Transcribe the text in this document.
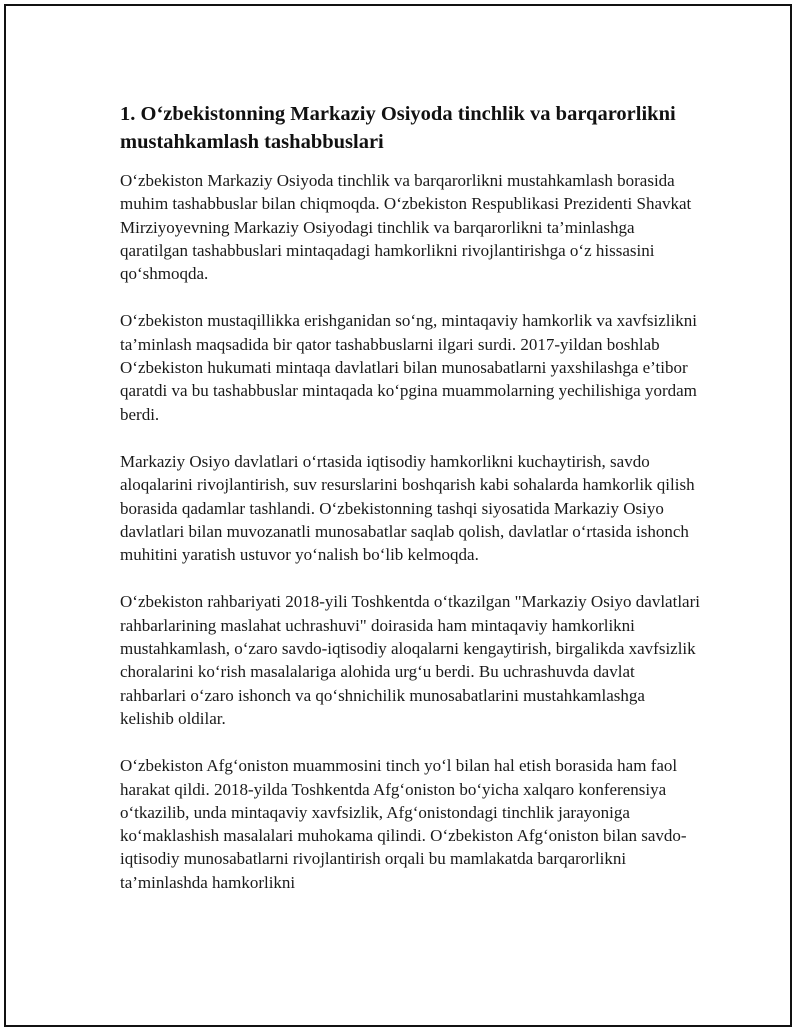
1. O‘zbekistonning Markaziy Osiyoda tinchlik va barqarorlikni mustahkamlash tashabbuslari

O‘zbekiston Markaziy Osiyoda tinchlik va barqarorlikni mustahkamlash borasida muhim tashabbuslar bilan chiqmoqda. O‘zbekiston Respublikasi Prezidenti Shavkat Mirziyoyevning Markaziy Osiyodagi tinchlik va barqarorlikni ta’minlashga qaratilgan tashabbuslari mintaqadagi hamkorlikni rivojlantirishga o‘z hissasini qo‘shmoqda.

O‘zbekiston mustaqillikka erishganidan so‘ng, mintaqaviy hamkorlik va xavfsizlikni ta’minlash maqsadida bir qator tashabbuslarni ilgari surdi. 2017-yildan boshlab O‘zbekiston hukumati mintaqa davlatlari bilan munosabatlarni yaxshilashga e’tibor qaratdi va bu tashabbuslar mintaqada ko‘pgina muammolarning yechilishiga yordam berdi.

Markaziy Osiyo davlatlari o‘rtasida iqtisodiy hamkorlikni kuchaytirish, savdo aloqalarini rivojlantirish, suv resurslarini boshqarish kabi sohalarda hamkorlik qilish borasida qadamlar tashlandi. O‘zbekistonning tashqi siyosatida Markaziy Osiyo davlatlari bilan muvozanatli munosabatlar saqlab qolish, davlatlar o‘rtasida ishonch muhitini yaratish ustuvor yo‘nalish bo‘lib kelmoqda.

O‘zbekiston rahbariyati 2018-yili Toshkentda o‘tkazilgan "Markaziy Osiyo davlatlari rahbarlarining maslahat uchrashuvi" doirasida ham mintaqaviy hamkorlikni mustahkamlash, o‘zaro savdo-iqtisodiy aloqalarni kengaytirish, birgalikda xavfsizlik choralarini ko‘rish masalalariga alohida urg‘u berdi. Bu uchrashuvda davlat rahbarlari o‘zaro ishonch va qo‘shnichilik munosabatlarini mustahkamlashga kelishib oldilar.

O‘zbekiston Afg‘oniston muammosini tinch yo‘l bilan hal etish borasida ham faol harakat qildi. 2018-yilda Toshkentda Afg‘oniston bo‘yicha xalqaro konferensiya o‘tkazilib, unda mintaqaviy xavfsizlik, Afg‘onistondagi tinchlik jarayoniga ko‘maklashish masalalari muhokama qilindi. O‘zbekiston Afg‘oniston bilan savdo-iqtisodiy munosabatlarni rivojlantirish orqali bu mamlakatda barqarorlikni ta’minlashda hamkorlikni
